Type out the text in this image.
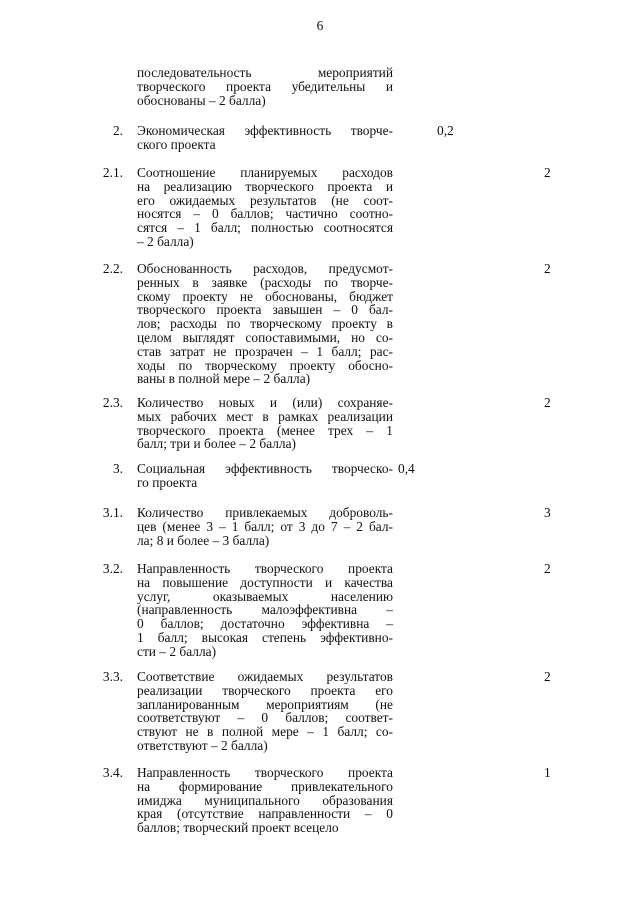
6
последовательность мероприятий
творческого проекта убедительны и
обоснованы – 2 балла)
2. Экономическая эффективность творче-
ского проекта
0,2
2.1. Соотношение планируемых расходов
на реализацию творческого проекта и
его ожидаемых результатов (не соот-
носятся – 0 баллов; частично соотно-
сятся – 1 балл; полностью соотносятся
– 2 балла)
2
2.2. Обоснованность расходов, предусмот-
ренных в заявке (расходы по творче-
скому проекту не обоснованы, бюджет
творческого проекта завышен – 0 бал-
лов; расходы по творческому проекту в
целом выглядят сопоставимыми, но со-
став затрат не прозрачен – 1 балл; рас-
ходы по творческому проекту обосно-
ваны в полной мере – 2 балла)
2
2.3. Количество новых и (или) сохраняе-
мых рабочих мест в рамках реализации
творческого проекта (менее трех – 1
балл; три и более – 2 балла)
2
3. Социальная эффективность творческо-
го проекта
0,4
3.1. Количество привлекаемых доброволь-
цев (менее 3 – 1 балл; от 3 до 7 – 2 бал-
ла; 8 и более – 3 балла)
3
3.2. Направленность творческого проекта
на повышение доступности и качества
услуг, оказываемых населению
(направленность малоэффективна –
0 баллов; достаточно эффективна –
1 балл; высокая степень эффективно-
сти – 2 балла)
2
3.3. Соответствие ожидаемых результатов
реализации творческого проекта его
запланированным мероприятиям (не
соответствуют – 0 баллов; соответ-
ствуют не в полной мере – 1 балл; со-
ответствуют – 2 балла)
2
3.4. Направленность творческого проекта
на формирование привлекательного
имиджа муниципального образования
края (отсутствие направленности – 0
баллов; творческий проект всецело
1
